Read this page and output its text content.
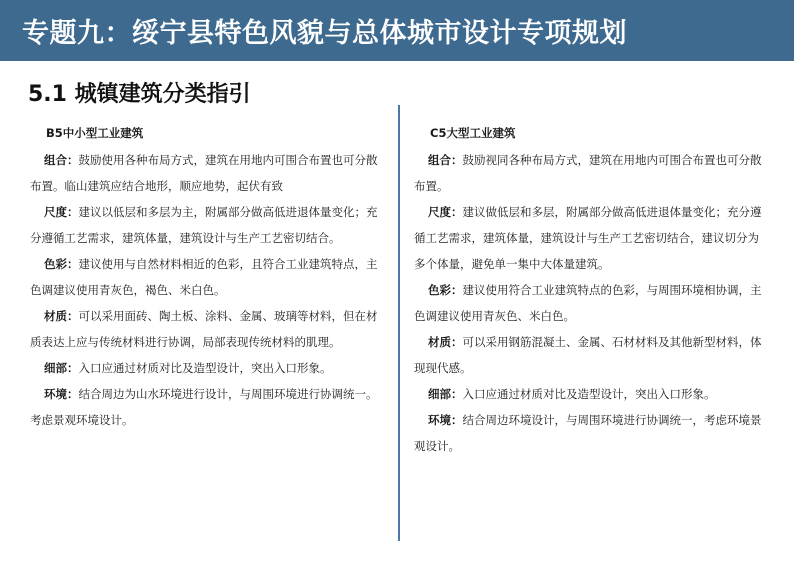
专题九：绥宁县特色风貌与总体城市设计专项规划
5.1 城镇建筑分类指引
B5中小型工业建筑

组合：鼓励使用各种布局方式，建筑在用地内可围合布置也可分散布置。临山建筑应结合地形，顺应地势，起伏有致

尺度：建议以低层和多层为主，附属部分做高低进退体量变化；充分遵循工艺需求，建筑体量，建筑设计与生产工艺密切结合。

色彩：建议使用与自然材料相近的色彩，且符合工业建筑特点，主色调建议使用青灰色，褐色、米白色。

材质：可以采用面砖、陶土板、涂料、金属、玻璃等材料，但在材质表达上应与传统材料进行协调，局部表现传统材料的肌理。

细部：入口应通过材质对比及造型设计，突出入口形象。

环境：结合周边为山水环境进行设计，与周围环境进行协调统一。考虑景观环境设计。

C5大型工业建筑

组合：鼓励视同各种布局方式，建筑在用地内可围合布置也可分散布置。

尺度：建议做低层和多层，附属部分做高低进退体量变化；充分遵循工艺需求，建筑体量，建筑设计与生产工艺密切结合，建议切分为多个体量，避免单一集中大体量建筑。

色彩：建议使用符合工业建筑特点的色彩，与周围环境相协调，主色调建议使用青灰色、米白色。

材质：可以采用钢筋混凝土、金属、石材材料及其他新型材料，体现现代感。

细部：入口应通过材质对比及造型设计，突出入口形象。

环境：结合周边环境设计，与周围环境进行协调统一，考虑环境景观设计。
